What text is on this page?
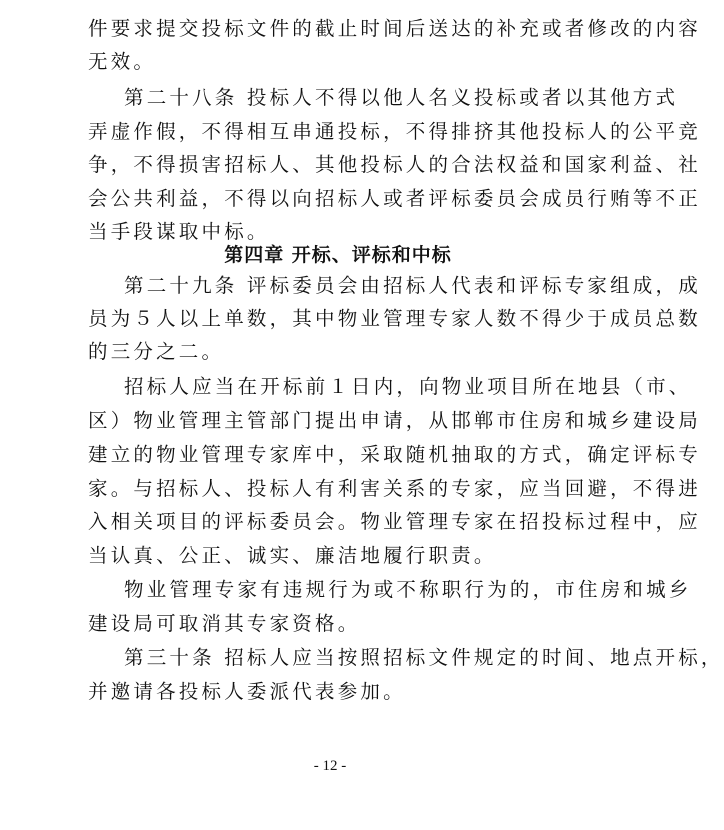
件要求提交投标文件的截止时间后送达的补充或者修改的内容
无效。
第二十八条 投标人不得以他人名义投标或者以其他方式
弄虚作假，不得相互串通投标，不得排挤其他投标人的公平竞
争，不得损害招标人、其他投标人的合法权益和国家利益、社
会公共利益，不得以向招标人或者评标委员会成员行贿等不正
当手段谋取中标。
第四章 开标、评标和中标
第二十九条 评标委员会由招标人代表和评标专家组成，成
员为５人以上单数，其中物业管理专家人数不得少于成员总数
的三分之二。
招标人应当在开标前１日内，向物业项目所在地县（市、
区）物业管理主管部门提出申请，从邯郸市住房和城乡建设局
建立的物业管理专家库中，采取随机抽取的方式，确定评标专
家。与招标人、投标人有利害关系的专家，应当回避，不得进
入相关项目的评标委员会。物业管理专家在招投标过程中，应
当认真、公正、诚实、廉洁地履行职责。
物业管理专家有违规行为或不称职行为的，市住房和城乡
建设局可取消其专家资格。
第三十条 招标人应当按照招标文件规定的时间、地点开标，
并邀请各投标人委派代表参加。
- 12 -
